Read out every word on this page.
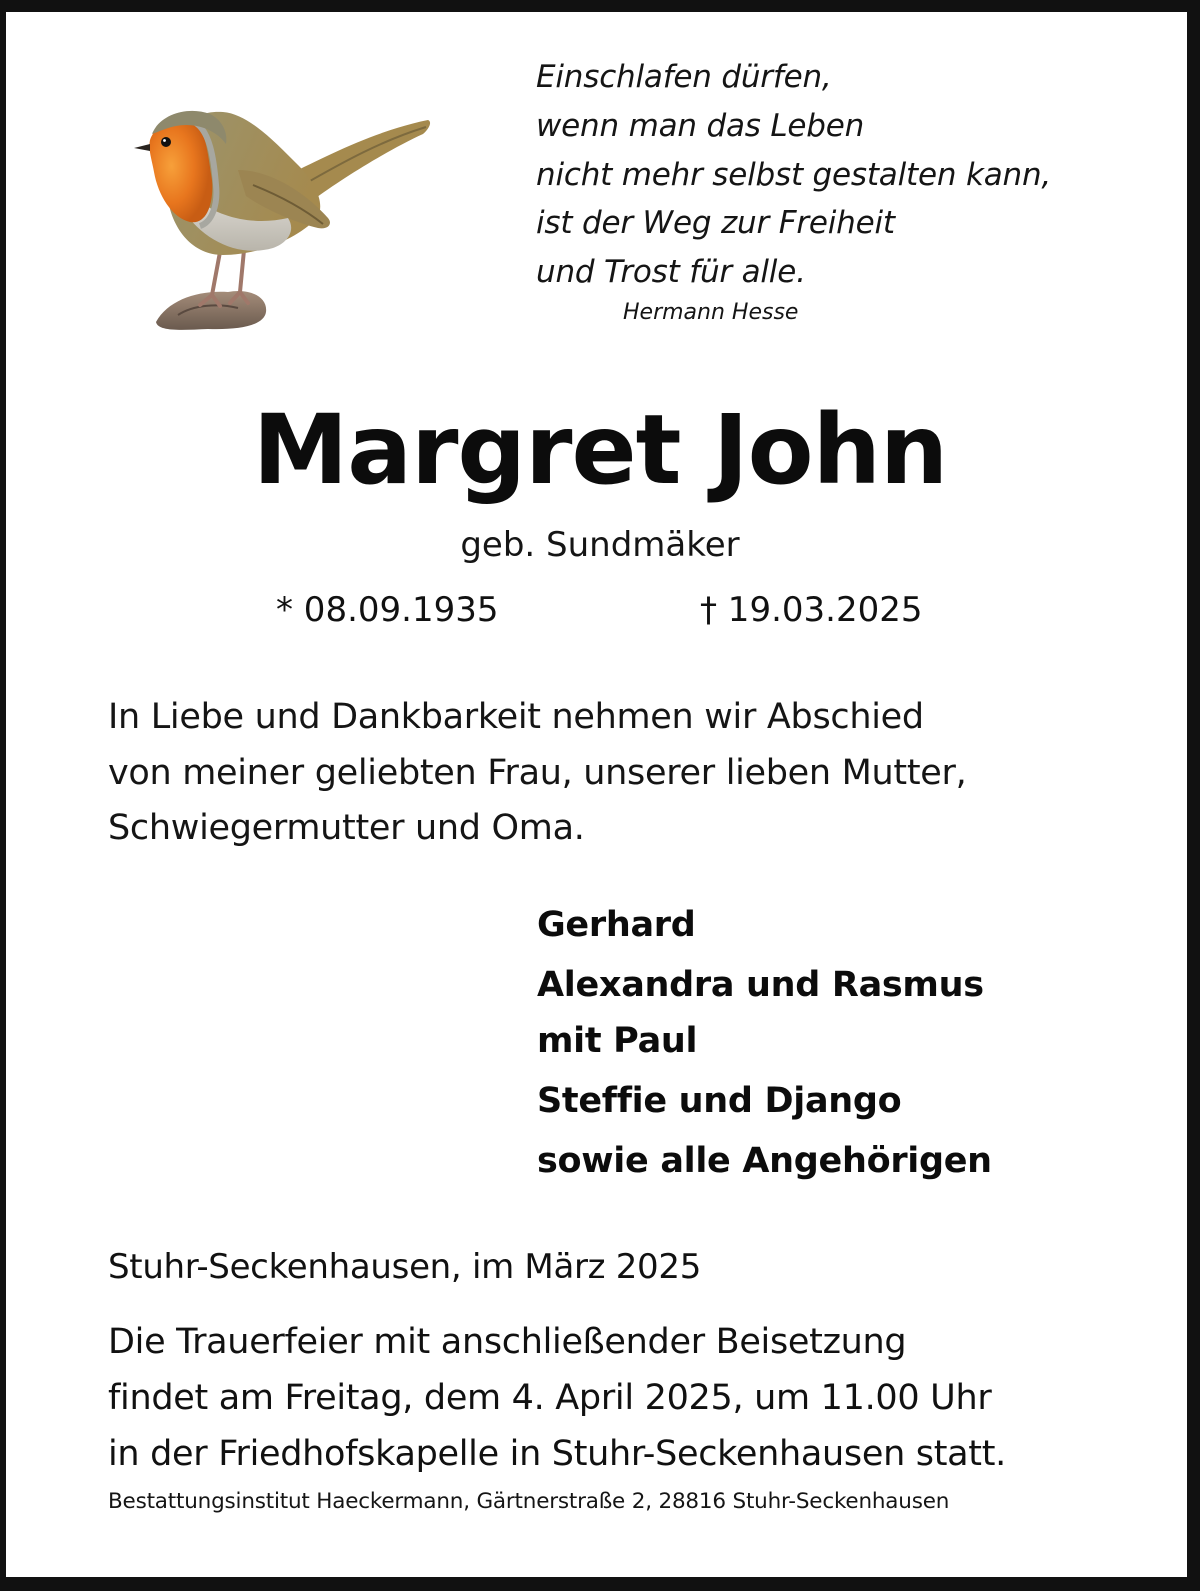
Einschlafen dürfen,
wenn man das Leben
nicht mehr selbst gestalten kann,
ist der Weg zur Freiheit
und Trost für alle.
Hermann Hesse
Margret John
geb. Sundmäker
* 08.09.1935	† 19.03.2025
In Liebe und Dankbarkeit nehmen wir Abschied
von meiner geliebten Frau, unserer lieben Mutter,
Schwiegermutter und Oma.
Gerhard
Alexandra und Rasmus
mit Paul
Steffie und Django
sowie alle Angehörigen
Stuhr-Seckenhausen, im März 2025
Die Trauerfeier mit anschließender Beisetzung
findet am Freitag, dem 4. April 2025, um 11.00 Uhr
in der Friedhofskapelle in Stuhr-Seckenhausen statt.
Bestattungsinstitut Haeckermann, Gärtnerstraße 2, 28816 Stuhr-Seckenhausen
